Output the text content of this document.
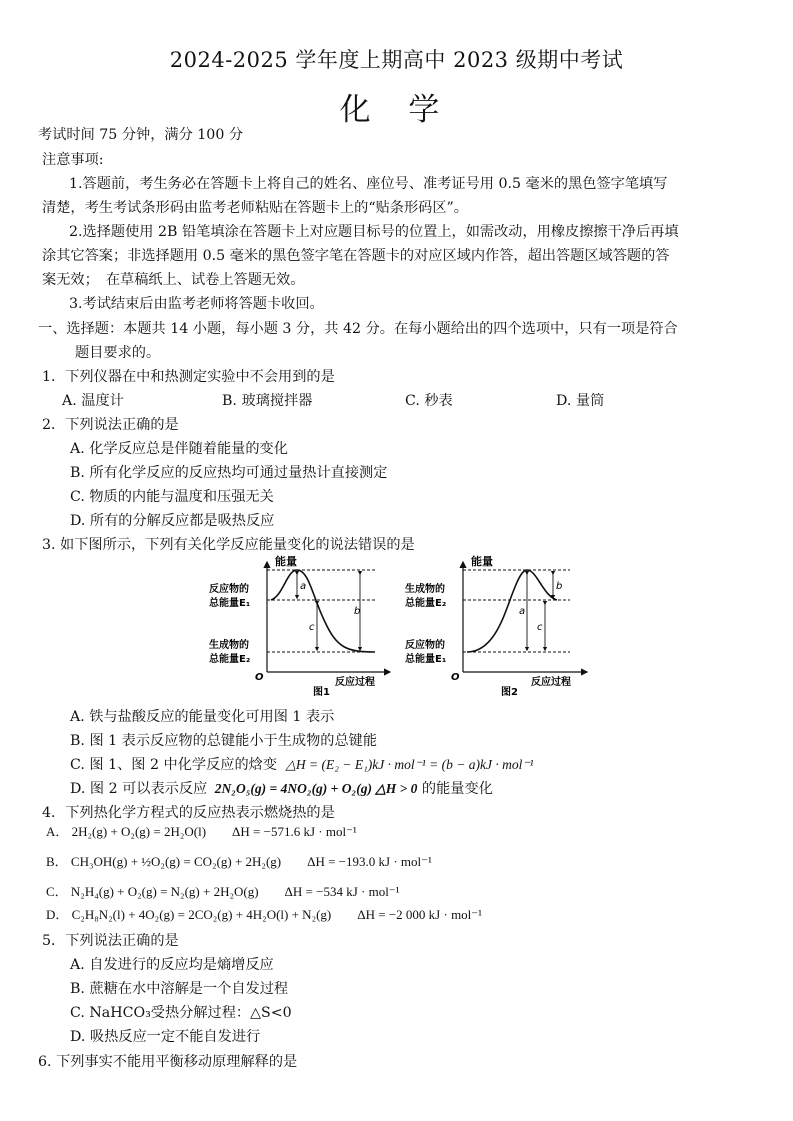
2024-2025 学年度上期高中 2023 级期中考试
化 学
考试时间 75 分钟，满分 100 分
注意事项:
1.答题前，考生务必在答题卡上将自己的姓名、座位号、准考证号用 0.5 毫米的黑色签字笔填写
清楚，考生考试条形码由监考老师粘贴在答题卡上的“贴条形码区”。
2.选择题使用 2B 铅笔填涂在答题卡上对应题目标号的位置上，如需改动，用橡皮擦擦干净后再填
涂其它答案；非选择题用 0.5 毫米的黑色签字笔在答题卡的对应区域内作答，超出答题区域答题的答
案无效；　在草稿纸上、试卷上答题无效。
3.考试结束后由监考老师将答题卡收回。
一、选择题：本题共 14 小题，每小题 3 分，共 42 分。在每小题给出的四个选项中，只有一项是符合
题目要求的。
1．下列仪器在中和热测定实验中不会用到的是
A. 温度计	B. 玻璃搅拌器	C. 秒表	D. 量筒
2．下列说法正确的是
A. 化学反应总是伴随着能量的变化
B. 所有化学反应的反应热均可通过量热计直接测定
C. 物质的内能与温度和压强无关
D. 所有的分解反应都是吸热反应
3. 如下图所示，下列有关化学反应能量变化的说法错误的是
能量
反应物的
总能量E₁
生成物的
总能量E₂
O	反应过程
图1
a
c
b
能量
生成物的
总能量E₂
反应物的
总能量E₁
O	反应过程
图2
a
b
c
A. 铁与盐酸反应的能量变化可用图 1 表示
B. 图 1 表示反应物的总键能小于生成物的总键能
C. 图 1、图 2 中化学反应的焓变 △H = (E₂ − E₁)kJ · mol⁻¹ = (b − a)kJ · mol⁻¹
D. 图 2 可以表示反应 2N₂O₅(g) = 4NO₂(g) + O₂(g) △H > 0 的能量变化
4．下列热化学方程式的反应热表示燃烧热的是
A． 2H₂(g) + O₂(g) = 2H₂O(l)　　ΔH = −571.6 kJ · mol⁻¹
B． CH₃OH(g) + ½O₂(g) = CO₂(g) + 2H₂(g)　　ΔH = −193.0 kJ · mol⁻¹
C． N₂H₄(g) + O₂(g) = N₂(g) + 2H₂O(g)　　ΔH = −534 kJ · mol⁻¹
D． C₂H₈N₂(l) + 4O₂(g) = 2CO₂(g) + 4H₂O(l) + N₂(g)　　ΔH = −2 000 kJ · mol⁻¹
5．下列说法正确的是
A. 自发进行的反应均是熵增反应
B. 蔗糖在水中溶解是一个自发过程
C. NaHCO₃受热分解过程：△S<0
D. 吸热反应一定不能自发进行
6. 下列事实不能用平衡移动原理解释的是
